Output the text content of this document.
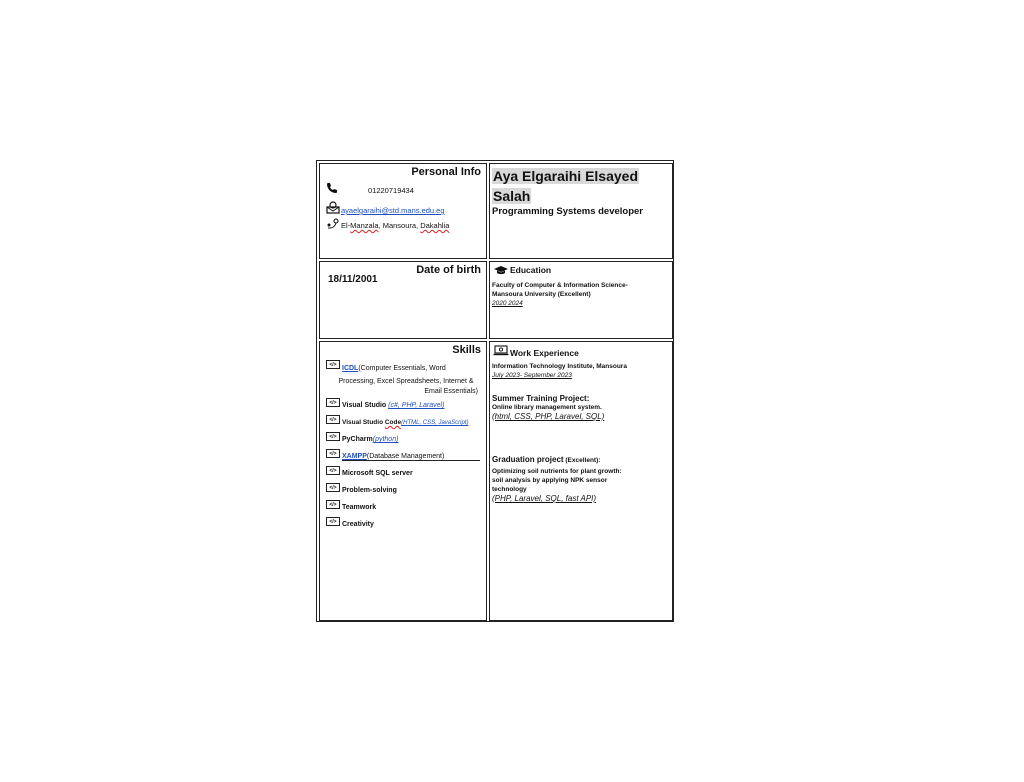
Personal Info
01220719434
ayaelgaraihi@std.mans.edu.eg
El-Manzala, Mansoura, Dakahlia
Aya Elgaraihi Elsayed
Salah
Programming Systems developer
Date of birth
18/11/2001
Education
Faculty of Computer & Information Science-
Mansoura University (Excellent)
2020 2024
Skills
</> ICDL(Computer Essentials, Word
Processing, Excel Spreadsheets, Internet &
Email Essentials)
</> Visual Studio (c#, PHP, Laravel)
</> Visual Studio Code(HTML, CSS, JavaScript)
</> PyCharm(python)
</> XAMPP(Database Management)
</> Microsoft SQL server
</> Problem-solving
</> Teamwork
</> Creativity
Work Experience
Information Technology Institute, Mansoura
July 2023- September 2023
Summer Training Project:
Online library management system.
(html, CSS, PHP, Laravel, SQL)
Graduation project (Excellent):
Optimizing soil nutrients for plant growth:
soil analysis by applying NPK sensor
technology
(PHP, Laravel, SQL, fast API)
